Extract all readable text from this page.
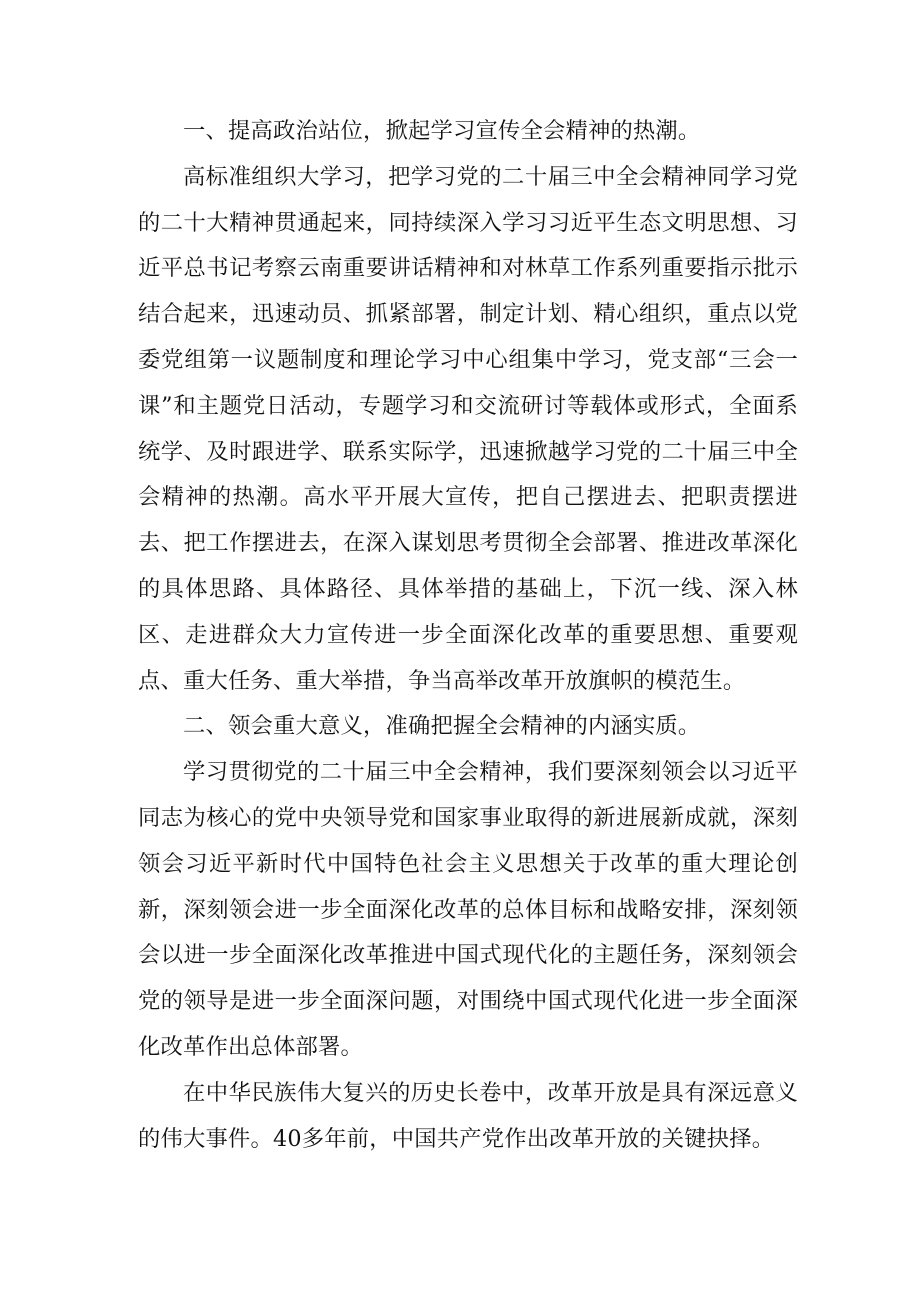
一、提高政治站位，掀起学习宣传全会精神的热潮。

高标准组织大学习，把学习党的二十届三中全会精神同学习党的二十大精神贯通起来，同持续深入学习习近平生态文明思想、习近平总书记考察云南重要讲话精神和对林草工作系列重要指示批示结合起来，迅速动员、抓紧部署，制定计划、精心组织，重点以党委党组第一议题制度和理论学习中心组集中学习，党支部“三会一课”和主题党日活动，专题学习和交流研讨等载体或形式，全面系统学、及时跟进学、联系实际学，迅速掀越学习党的二十届三中全会精神的热潮。高水平开展大宣传，把自己摆进去、把职责摆进去、把工作摆进去，在深入谋划思考贯彻全会部署、推进改革深化的具体思路、具体路径、具体举措的基础上，下沉一线、深入林区、走进群众大力宣传进一步全面深化改革的重要思想、重要观点、重大任务、重大举措，争当高举改革开放旗帜的模范生。

二、领会重大意义，准确把握全会精神的内涵实质。

学习贯彻党的二十届三中全会精神，我们要深刻领会以习近平同志为核心的党中央领导党和国家事业取得的新进展新成就，深刻领会习近平新时代中国特色社会主义思想关于改革的重大理论创新，深刻领会进一步全面深化改革的总体目标和战略安排，深刻领会以进一步全面深化改革推进中国式现代化的主题任务，深刻领会党的领导是进一步全面深问题，对围绕中国式现代化进一步全面深化改革作出总体部署。

在中华民族伟大复兴的历史长卷中，改革开放是具有深远意义的伟大事件。40多年前，中国共产党作出改革开放的关键抉择。
